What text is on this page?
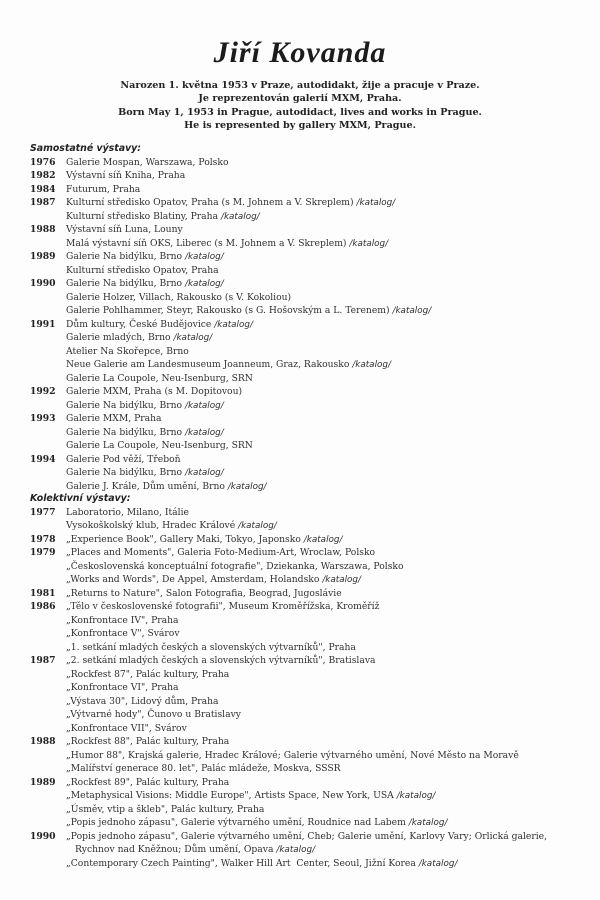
Jiří Kovanda
Narozen 1. května 1953 v Praze, autodidakt, žije a pracuje v Praze.
Je reprezentován galerií MXM, Praha.
Born May 1, 1953 in Prague, autodidact, lives and works in Prague.
He is represented by gallery MXM, Prague.
Samostatné výstavy:
1976	Galerie Mospan, Warszawa, Polsko
1982	Výstavní síň Kniha, Praha
1984	Futurum, Praha
1987	Kulturní středisko Opatov, Praha (s M. Johnem a V. Skreplem) /katalog/
Kulturní středisko Blatiny, Praha /katalog/
1988	Výstavní síň Luna, Louny
Malá výstavní síň OKS, Liberec (s M. Johnem a V. Skreplem) /katalog/
1989	Galerie Na bidýlku, Brno /katalog/
Kulturní středisko Opatov, Praha
1990	Galerie Na bidýlku, Brno /katalog/
Galerie Holzer, Villach, Rakousko (s V. Kokoliou)
Galerie Pohlhammer, Steyr, Rakousko (s G. Hošovským a L. Terenem) /katalog/
1991	Dům kultury, České Budějovice /katalog/
Galerie mladých, Brno /katalog/
Atelier Na Skořepce, Brno
Neue Galerie am Landesmuseum Joanneum, Graz, Rakousko /katalog/
Galerie La Coupole, Neu-Isenburg, SRN
1992	Galerie MXM, Praha (s M. Dopitovou)
Galerie Na bidýlku, Brno /katalog/
1993	Galerie MXM, Praha
Galerie Na bidýlku, Brno /katalog/
Galerie La Coupole, Neu-Isenburg, SRN
1994	Galerie Pod věží, Třeboň
Galerie Na bidýlku, Brno /katalog/
Galerie J. Krále, Dům umění, Brno /katalog/
Kolektivní výstavy:
1977	Laboratorio, Milano, Itálie
Vysokoškolský klub, Hradec Králové /katalog/
1978	„Experience Book", Gallery Maki, Tokyo, Japonsko /katalog/
1979	„Places and Moments", Galeria Foto-Medium-Art, Wroclaw, Polsko
„Československá konceptuální fotografie", Dziekanka, Warszawa, Polsko
„Works and Words", De Appel, Amsterdam, Holandsko /katalog/
1981	„Returns to Nature", Salon Fotografia, Beograd, Jugoslávie
1986	„Tělo v československé fotografii", Museum Kroměřížska, Kroměříž
„Konfrontace IV", Praha
„Konfrontace V", Svárov
„1. setkání mladých českých a slovenských výtvarníků", Praha
1987	„2. setkání mladých českých a slovenských výtvarníků", Bratislava
„Rockfest 87", Palác kultury, Praha
„Konfrontace VI", Praha
„Výstava 30", Lidový dům, Praha
„Výtvarné hody", Čunovo u Bratislavy
„Konfrontace VII", Svárov
1988	„Rockfest 88", Palác kultury, Praha
„Humor 88", Krajská galerie, Hradec Králové; Galerie výtvarného umění, Nové Město na Moravě
„Malířství generace 80. let", Palác mládeže, Moskva, SSSR
1989	„Rockfest 89", Palác kultury, Praha
„Metaphysical Visions: Middle Europe", Artists Space, New York, USA /katalog/
„Úsměv, vtip a škleb", Palác kultury, Praha
„Popis jednoho zápasu", Galerie výtvarného umění, Roudnice nad Labem /katalog/
1990	„Popis jednoho zápasu", Galerie výtvarného umění, Cheb; Galerie umění, Karlovy Vary; Orlická galerie,
Rychnov nad Kněžnou; Dům umění, Opava /katalog/
„Contemporary Czech Painting", Walker Hill Art  Center, Seoul, Jižní Korea /katalog/
